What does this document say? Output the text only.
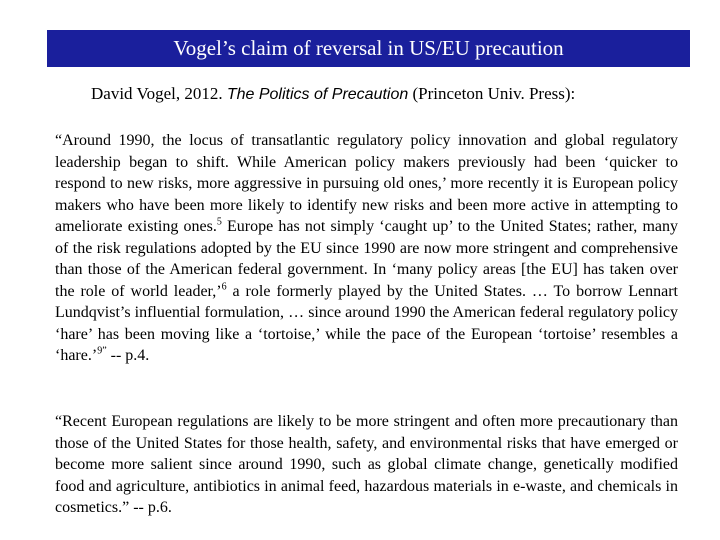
Vogel’s claim of reversal in US/EU precaution
David Vogel, 2012. The Politics of Precaution (Princeton Univ. Press):

“Around 1990, the locus of transatlantic regulatory policy innovation and global regulatory leadership began to shift. While American policy makers previously had been ‘quicker to respond to new risks, more aggressive in pursuing old ones,’ more recently it is European policy makers who have been more likely to identify new risks and been more active in attempting to ameliorate existing ones.$^5$ Europe has not simply ‘caught up’ to the United States; rather, many of the risk regulations adopted by the EU since 1990 are now more stringent and comprehensive than those of the American federal government. In ‘many policy areas [the EU] has taken over the role of world leader,’$^6$ a role formerly played by the United States. … To borrow Lennart Lundqvist’s influential formulation, … since around 1990 the American federal regulatory policy ‘hare’ has been moving like a ‘tortoise,’ while the pace of the European ‘tortoise’ resembles a ‘hare.’$^{9”}$ -- p.4.

“Recent European regulations are likely to be more stringent and often more precautionary than those of the United States for those health, safety, and environmental risks that have emerged or become more salient since around 1990, such as global climate change, genetically modified food and agriculture, antibiotics in animal feed, hazardous materials in e-waste, and chemicals in cosmetics.” -- p.6.
